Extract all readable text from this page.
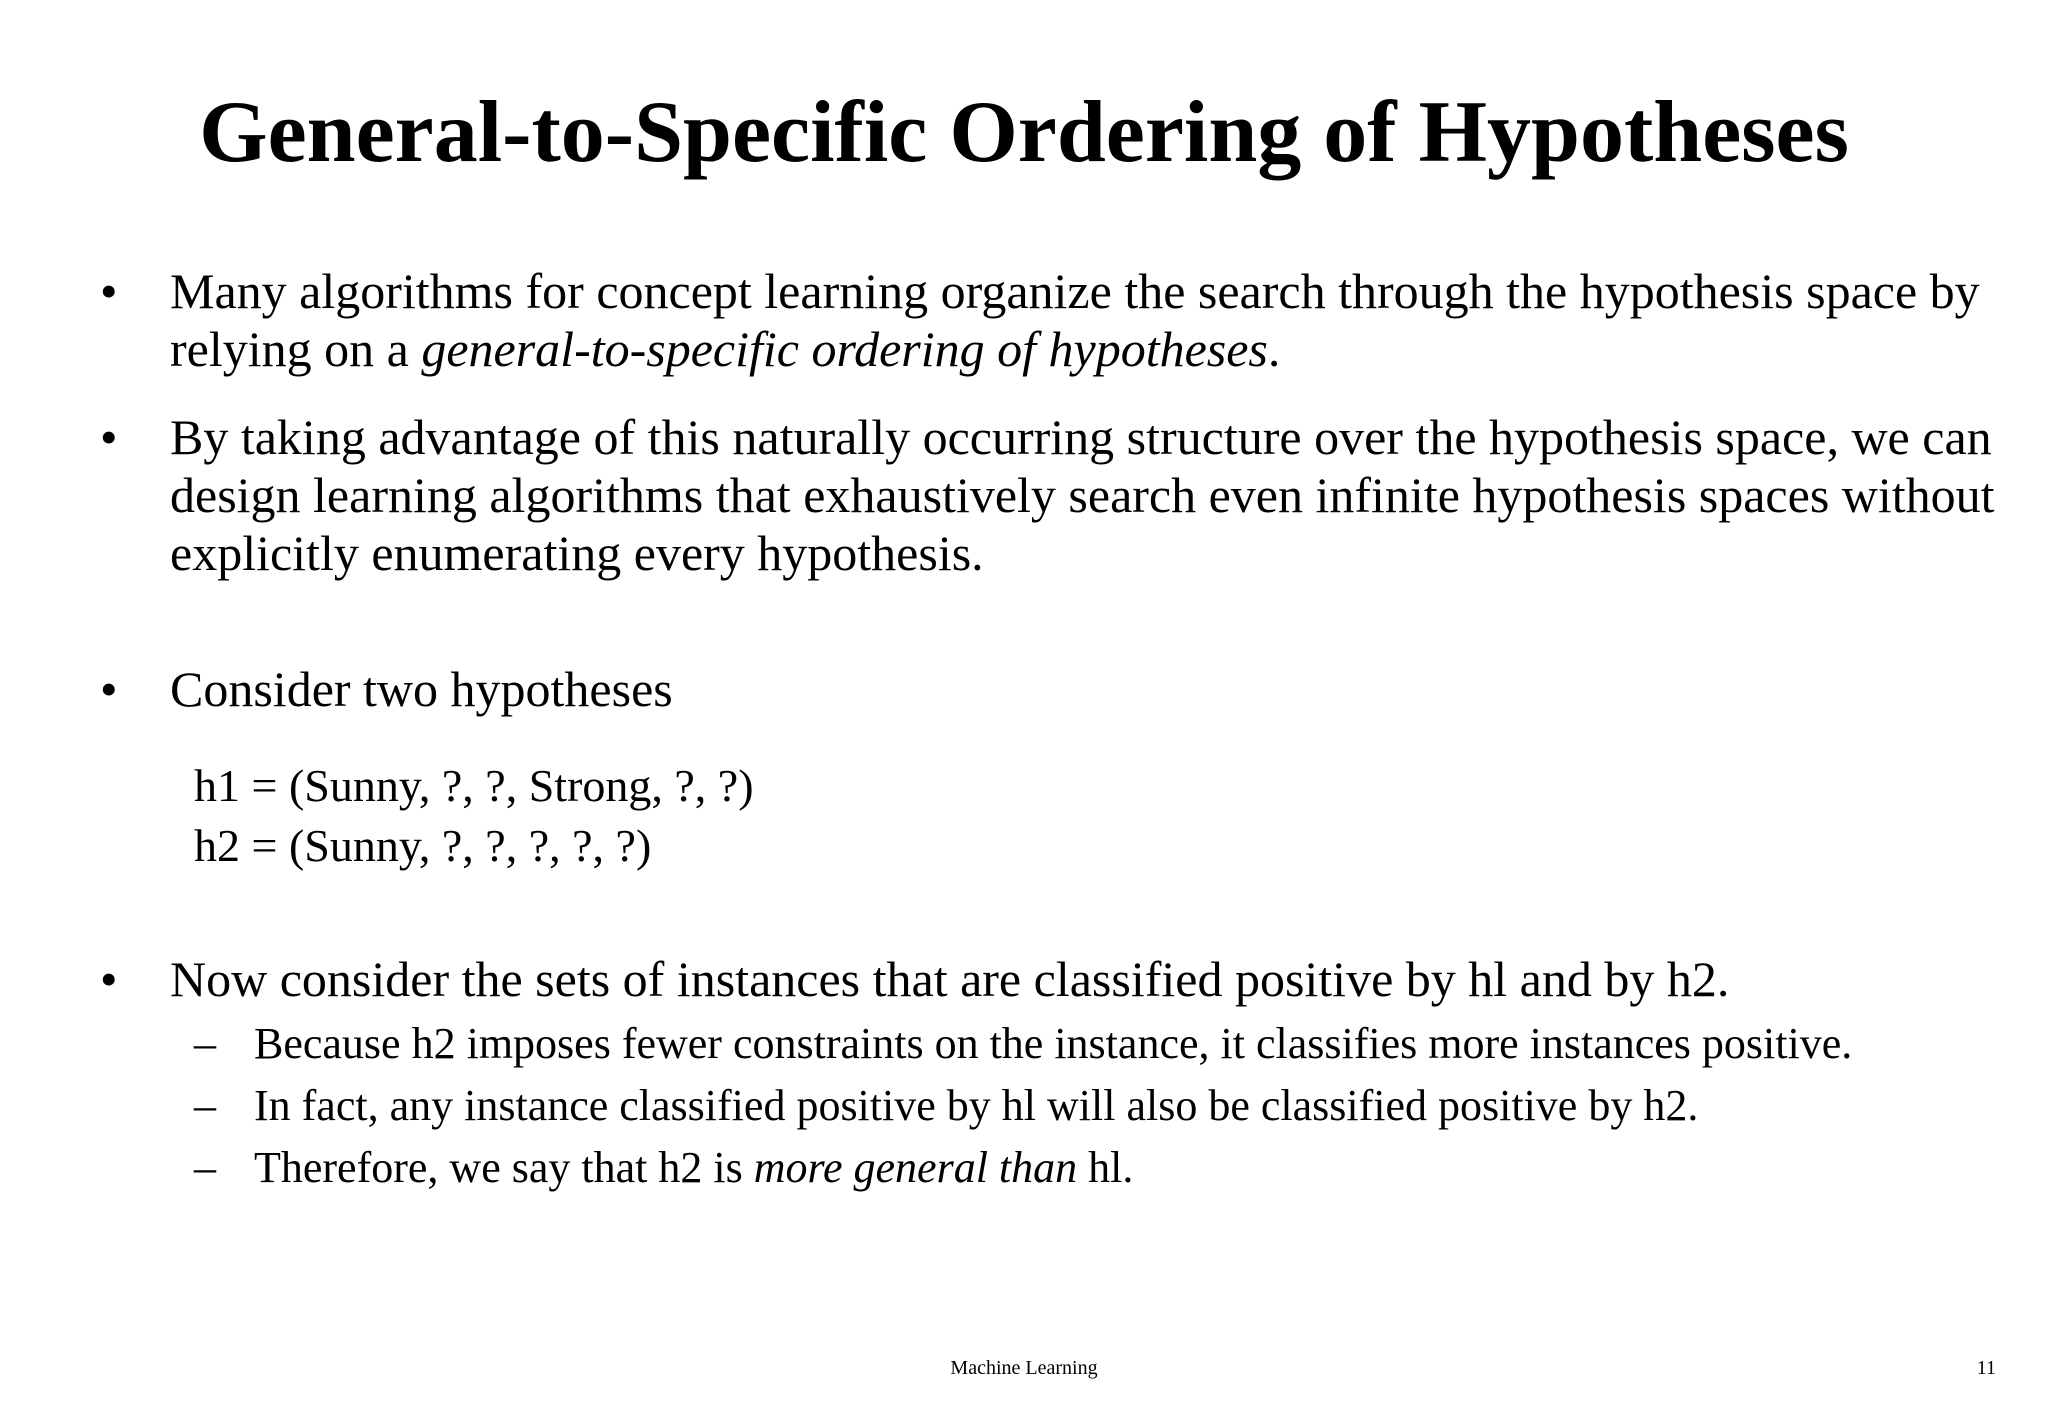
General-to-Specific Ordering of Hypotheses
•	Many algorithms for concept learning organize the search through the hypothesis space by relying on a general-to-specific ordering of hypotheses.
•	By taking advantage of this naturally occurring structure over the hypothesis space, we can design learning algorithms that exhaustively search even infinite hypothesis spaces without explicitly enumerating every hypothesis.
•	Consider two hypotheses
h1 = (Sunny, ?, ?, Strong, ?, ?)
h2 = (Sunny, ?, ?, ?, ?, ?)
•	Now consider the sets of instances that are classified positive by hl and by h2.
– Because h2 imposes fewer constraints on the instance, it classifies more instances positive.
– In fact, any instance classified positive by hl will also be classified positive by h2.
– Therefore, we say that h2 is more general than hl.
Machine Learning	11
